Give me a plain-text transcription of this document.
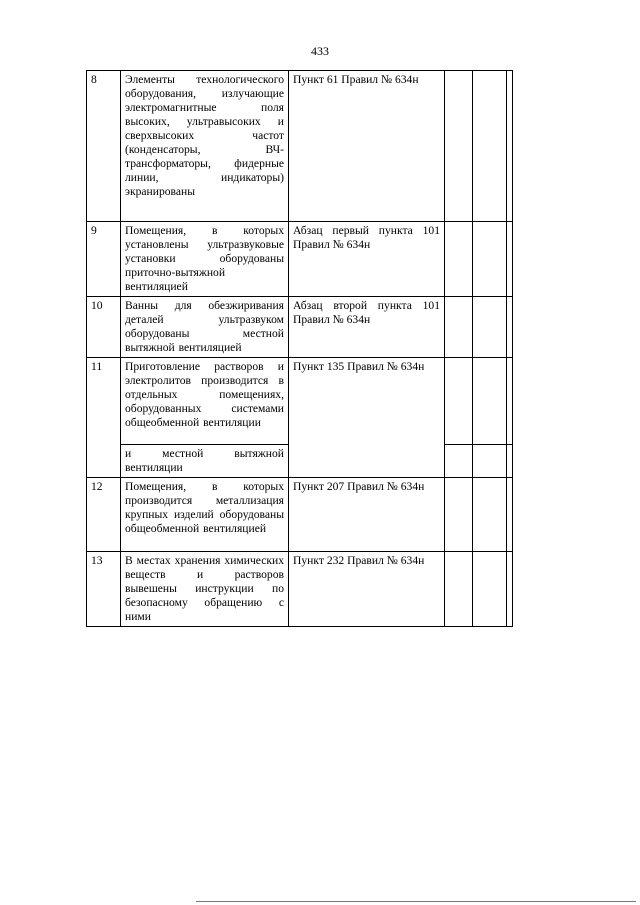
433
8	Элементы технологического оборудования, излучающие электромагнитные поля высоких, ультравысоких и сверхвысоких частот (конденсаторы, ВЧ-трансформаторы, фидерные линии, индикаторы) экранированы	Пункт 61 Правил № 634н			
9	Помещения, в которых установлены ультразвуковые установки оборудованы приточно-вытяжной вентиляцией	Абзац первый пункта 101 Правил № 634н			
10	Ванны для обезжиривания деталей ультразвуком оборудованы местной вытяжной вентиляцией	Абзац второй пункта 101 Правил № 634н			
11	Приготовление растворов и электролитов производится в отдельных помещениях, оборудованных системами общеобменной вентиляции	Пункт 135 Правил № 634н			
	и местной вытяжной вентиляции				
12	Помещения, в которых производится металлизация крупных изделий оборудованы общеобменной вентиляцией	Пункт 207 Правил № 634н			
13	В местах хранения химических веществ и растворов вывешены инструкции по безопасному обращению с ними	Пункт 232 Правил № 634н			
